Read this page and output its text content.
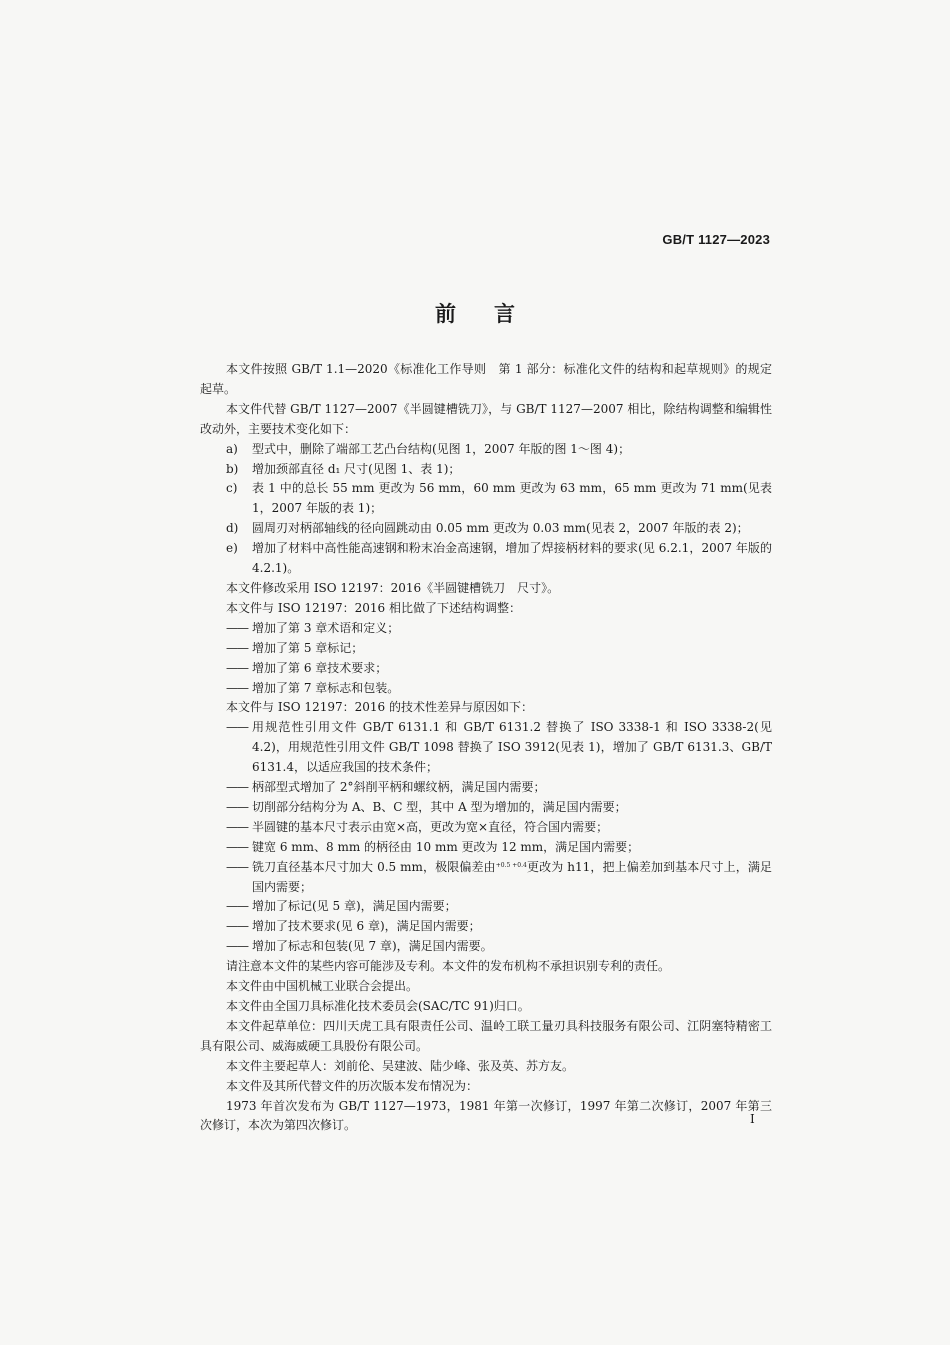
GB/T 1127—2023
前言

本文件按照 GB/T 1.1—2020《标准化工作导则　第 1 部分：标准化文件的结构和起草规则》的规定起草。

本文件代替 GB/T 1127—2007《半圆键槽铣刀》，与 GB/T 1127—2007 相比，除结构调整和编辑性改动外，主要技术变化如下：

a) 型式中，删除了端部工艺凸台结构(见图 1，2007 年版的图 1～图 4)；

b) 增加颈部直径 d₁ 尺寸(见图 1、表 1)；

c) 表 1 中的总长 55 mm 更改为 56 mm，60 mm 更改为 63 mm，65 mm 更改为 71 mm(见表 1，2007 年版的表 1)；

d) 圆周刃对柄部轴线的径向圆跳动由 0.05 mm 更改为 0.03 mm(见表 2，2007 年版的表 2)；

e) 增加了材料中高性能高速钢和粉末冶金高速钢，增加了焊接柄材料的要求(见 6.2.1，2007 年版的 4.2.1)。

本文件修改采用 ISO 12197：2016《半圆键槽铣刀　尺寸》。

本文件与 ISO 12197：2016 相比做了下述结构调整：

—— 增加了第 3 章术语和定义；

—— 增加了第 5 章标记；

—— 增加了第 6 章技术要求；

—— 增加了第 7 章标志和包装。

本文件与 ISO 12197：2016 的技术性差异与原因如下：

—— 用规范性引用文件 GB/T 6131.1 和 GB/T 6131.2 替换了 ISO 3338-1 和 ISO 3338-2(见 4.2)，用规范性引用文件 GB/T 1098 替换了 ISO 3912(见表 1)，增加了 GB/T 6131.3、GB/T 6131.4，以适应我国的技术条件；

—— 柄部型式增加了 2°斜削平柄和螺纹柄，满足国内需要；

—— 切削部分结构分为 A、B、C 型，其中 A 型为增加的，满足国内需要；

—— 半圆键的基本尺寸表示由宽×高，更改为宽×直径，符合国内需要；

—— 键宽 6 mm、8 mm 的柄径由 10 mm 更改为 12 mm，满足国内需要；

—— 铣刀直径基本尺寸加大 0.5 mm，极限偏差由$^{+0.5 +0.4}$更改为 h11，把上偏差加到基本尺寸上，满足国内需要；

—— 增加了标记(见 5 章)，满足国内需要；

—— 增加了技术要求(见 6 章)，满足国内需要；

—— 增加了标志和包装(见 7 章)，满足国内需要。

请注意本文件的某些内容可能涉及专利。本文件的发布机构不承担识别专利的责任。

本文件由中国机械工业联合会提出。

本文件由全国刀具标准化技术委员会(SAC/TC 91)归口。

本文件起草单位：四川天虎工具有限责任公司、温岭工联工量刃具科技服务有限公司、江阴塞特精密工具有限公司、威海威硬工具股份有限公司。

本文件主要起草人：刘前伦、吴建波、陆少峰、张及英、苏方友。

本文件及其所代替文件的历次版本发布情况为：

1973 年首次发布为 GB/T 1127—1973，1981 年第一次修订，1997 年第二次修订，2007 年第三次修订，本次为第四次修订。	I
